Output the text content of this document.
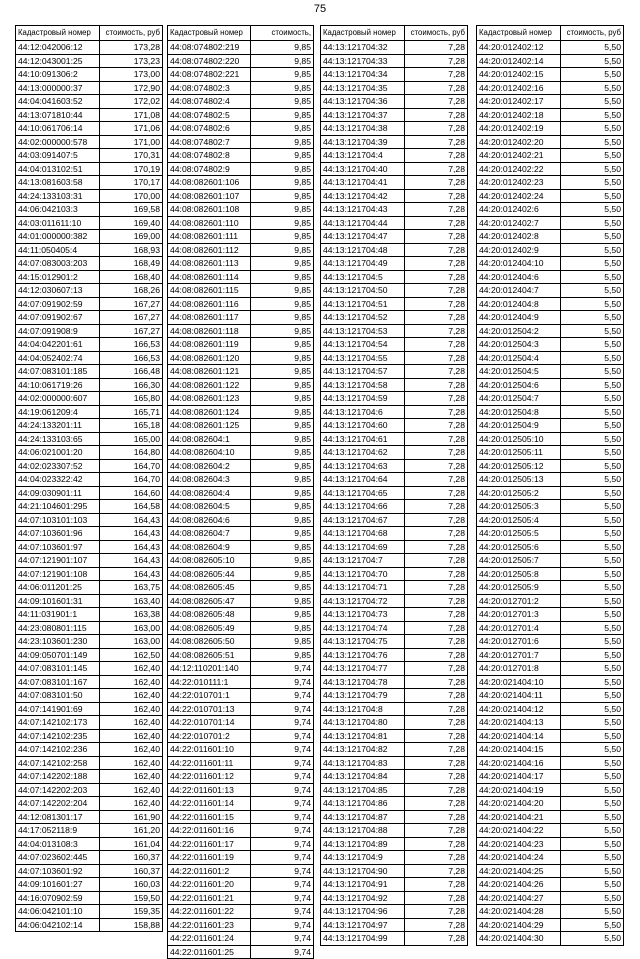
75
Кадастровый номер	стоимость, руб
44:12:042006:12	173,28
44:12:043001:25	173,23
44:10:091306:2	173,00
44:13:000000:37	172,90
44:04:041603:52	172,02
44:13:071810:44	171,08
44:10:061706:14	171,06
44:02:000000:578	171,00
44:03:091407:5	170,31
44:04:013102:51	170,19
44:13:081603:58	170,17
44:24:133103:31	170,00
44:06:042103:3	169,58
44:03:011611:10	169,40
44:01:000000:382	169,00
44:11:050405:4	168,93
44:07:083003:203	168,49
44:15:012901:2	168,40
44:12:030607:13	168,26
44:07:091902:59	167,27
44:07:091902:67	167,27
44:07:091908:9	167,27
44:04:042201:61	166,53
44:04:052402:74	166,53
44:07:083101:185	166,48
44:10:061719:26	166,30
44:02:000000:607	165,80
44:19:061209:4	165,71
44:24:133201:11	165,18
44:24:133103:65	165,00
44:06:021001:20	164,80
44:02:023307:52	164,70
44:04:023322:42	164,70
44:09:030901:11	164,60
44:21:104601:295	164,58
44:07:103101:103	164,43
44:07:103601:96	164,43
44:07:103601:97	164,43
44:07:121901:107	164,43
44:07:121901:108	164,43
44:06:011201:25	163,75
44:09:101601:31	163,40
44:11:031901:1	163,38
44:23:080801:115	163,00
44:23:103601:230	163,00
44:09:050701:149	162,50
44:07:083101:145	162,40
44:07:083101:167	162,40
44:07:083101:50	162,40
44:07:141901:69	162,40
44:07:142102:173	162,40
44:07:142102:235	162,40
44:07:142102:236	162,40
44:07:142102:258	162,40
44:07:142202:188	162,40
44:07:142202:203	162,40
44:07:142202:204	162,40
44:12:081301:17	161,90
44:17:052118:9	161,20
44:04:013108:3	161,04
44:07:023602:445	160,37
44:07:103601:92	160,37
44:09:101601:27	160,03
44:16:070902:59	159,50
44:06:042101:10	159,35
44:06:042102:14	158,88
Кадастровый номер	стоимость,
44:08:074802:219	9,85
44:08:074802:220	9,85
44:08:074802:221	9,85
44:08:074802:3	9,85
44:08:074802:4	9,85
44:08:074802:5	9,85
44:08:074802:6	9,85
44:08:074802:7	9,85
44:08:074802:8	9,85
44:08:074802:9	9,85
44:08:082601:106	9,85
44:08:082601:107	9,85
44:08:082601:108	9,85
44:08:082601:110	9,85
44:08:082601:111	9,85
44:08:082601:112	9,85
44:08:082601:113	9,85
44:08:082601:114	9,85
44:08:082601:115	9,85
44:08:082601:116	9,85
44:08:082601:117	9,85
44:08:082601:118	9,85
44:08:082601:119	9,85
44:08:082601:120	9,85
44:08:082601:121	9,85
44:08:082601:122	9,85
44:08:082601:123	9,85
44:08:082601:124	9,85
44:08:082601:125	9,85
44:08:082604:1	9,85
44:08:082604:10	9,85
44:08:082604:2	9,85
44:08:082604:3	9,85
44:08:082604:4	9,85
44:08:082604:5	9,85
44:08:082604:6	9,85
44:08:082604:7	9,85
44:08:082604:9	9,85
44:08:082605:10	9,85
44:08:082605:44	9,85
44:08:082605:45	9,85
44:08:082605:47	9,85
44:08:082605:48	9,85
44:08:082605:49	9,85
44:08:082605:50	9,85
44:08:082605:51	9,85
44:12:110201:140	9,74
44:22:010111:1	9,74
44:22:010701:1	9,74
44:22:010701:13	9,74
44:22:010701:14	9,74
44:22:010701:2	9,74
44:22:011601:10	9,74
44:22:011601:11	9,74
44:22:011601:12	9,74
44:22:011601:13	9,74
44:22:011601:14	9,74
44:22:011601:15	9,74
44:22:011601:16	9,74
44:22:011601:17	9,74
44:22:011601:19	9,74
44:22:011601:2	9,74
44:22:011601:20	9,74
44:22:011601:21	9,74
44:22:011601:22	9,74
44:22:011601:23	9,74
44:22:011601:24	9,74
44:22:011601:25	9,74
Кадастровый номер	стоимость, руб
44:13:121704:32	7,28
44:13:121704:33	7,28
44:13:121704:34	7,28
44:13:121704:35	7,28
44:13:121704:36	7,28
44:13:121704:37	7,28
44:13:121704:38	7,28
44:13:121704:39	7,28
44:13:121704:4	7,28
44:13:121704:40	7,28
44:13:121704:41	7,28
44:13:121704:42	7,28
44:13:121704:43	7,28
44:13:121704:44	7,28
44:13:121704:47	7,28
44:13:121704:48	7,28
44:13:121704:49	7,28
44:13:121704:5	7,28
44:13:121704:50	7,28
44:13:121704:51	7,28
44:13:121704:52	7,28
44:13:121704:53	7,28
44:13:121704:54	7,28
44:13:121704:55	7,28
44:13:121704:57	7,28
44:13:121704:58	7,28
44:13:121704:59	7,28
44:13:121704:6	7,28
44:13:121704:60	7,28
44:13:121704:61	7,28
44:13:121704:62	7,28
44:13:121704:63	7,28
44:13:121704:64	7,28
44:13:121704:65	7,28
44:13:121704:66	7,28
44:13:121704:67	7,28
44:13:121704:68	7,28
44:13:121704:69	7,28
44:13:121704:7	7,28
44:13:121704:70	7,28
44:13:121704:71	7,28
44:13:121704:72	7,28
44:13:121704:73	7,28
44:13:121704:74	7,28
44:13:121704:75	7,28
44:13:121704:76	7,28
44:13:121704:77	7,28
44:13:121704:78	7,28
44:13:121704:79	7,28
44:13:121704:8	7,28
44:13:121704:80	7,28
44:13:121704:81	7,28
44:13:121704:82	7,28
44:13:121704:83	7,28
44:13:121704:84	7,28
44:13:121704:85	7,28
44:13:121704:86	7,28
44:13:121704:87	7,28
44:13:121704:88	7,28
44:13:121704:89	7,28
44:13:121704:9	7,28
44:13:121704:90	7,28
44:13:121704:91	7,28
44:13:121704:92	7,28
44:13:121704:96	7,28
44:13:121704:97	7,28
44:13:121704:99	7,28
Кадастровый номер	стоимость, руб
44:20:012402:12	5,50
44:20:012402:14	5,50
44:20:012402:15	5,50
44:20:012402:16	5,50
44:20:012402:17	5,50
44:20:012402:18	5,50
44:20:012402:19	5,50
44:20:012402:20	5,50
44:20:012402:21	5,50
44:20:012402:22	5,50
44:20:012402:23	5,50
44:20:012402:24	5,50
44:20:012402:6	5,50
44:20:012402:7	5,50
44:20:012402:8	5,50
44:20:012402:9	5,50
44:20:012404:10	5,50
44:20:012404:6	5,50
44:20:012404:7	5,50
44:20:012404:8	5,50
44:20:012404:9	5,50
44:20:012504:2	5,50
44:20:012504:3	5,50
44:20:012504:4	5,50
44:20:012504:5	5,50
44:20:012504:6	5,50
44:20:012504:7	5,50
44:20:012504:8	5,50
44:20:012504:9	5,50
44:20:012505:10	5,50
44:20:012505:11	5,50
44:20:012505:12	5,50
44:20:012505:13	5,50
44:20:012505:2	5,50
44:20:012505:3	5,50
44:20:012505:4	5,50
44:20:012505:5	5,50
44:20:012505:6	5,50
44:20:012505:7	5,50
44:20:012505:8	5,50
44:20:012505:9	5,50
44:20:012701:2	5,50
44:20:012701:3	5,50
44:20:012701:4	5,50
44:20:012701:6	5,50
44:20:012701:7	5,50
44:20:012701:8	5,50
44:20:021404:10	5,50
44:20:021404:11	5,50
44:20:021404:12	5,50
44:20:021404:13	5,50
44:20:021404:14	5,50
44:20:021404:15	5,50
44:20:021404:16	5,50
44:20:021404:17	5,50
44:20:021404:19	5,50
44:20:021404:20	5,50
44:20:021404:21	5,50
44:20:021404:22	5,50
44:20:021404:23	5,50
44:20:021404:24	5,50
44:20:021404:25	5,50
44:20:021404:26	5,50
44:20:021404:27	5,50
44:20:021404:28	5,50
44:20:021404:29	5,50
44:20:021404:30	5,50
